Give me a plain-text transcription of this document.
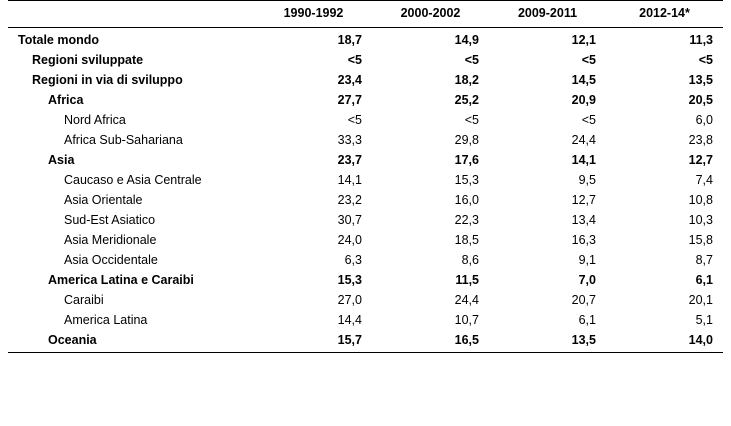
	1990-1992	2000-2002	2009-2011	2012-14*
Totale mondo	18,7	14,9	12,1	11,3
Regioni sviluppate	<5	<5	<5	<5
Regioni in via di sviluppo	23,4	18,2	14,5	13,5
Africa	27,7	25,2	20,9	20,5
Nord Africa	<5	<5	<5	6,0
Africa Sub-Sahariana	33,3	29,8	24,4	23,8
Asia	23,7	17,6	14,1	12,7
Caucaso e Asia Centrale	14,1	15,3	9,5	7,4
Asia Orientale	23,2	16,0	12,7	10,8
Sud-Est Asiatico	30,7	22,3	13,4	10,3
Asia Meridionale	24,0	18,5	16,3	15,8
Asia Occidentale	6,3	8,6	9,1	8,7
America Latina e Caraibi	15,3	11,5	7,0	6,1
Caraibi	27,0	24,4	20,7	20,1
America Latina	14,4	10,7	6,1	5,1
Oceania	15,7	16,5	13,5	14,0
